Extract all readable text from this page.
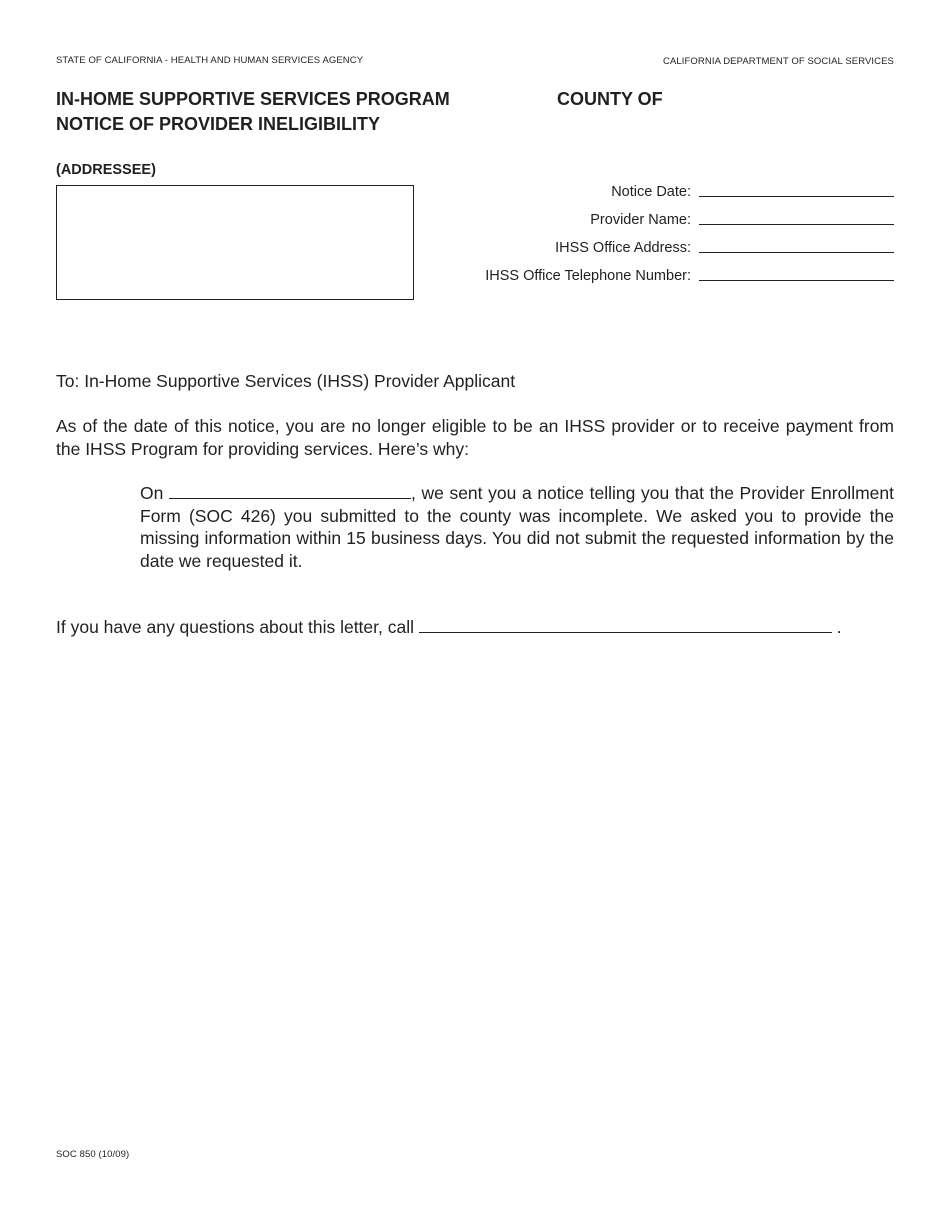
STATE OF CALIFORNIA - HEALTH AND HUMAN SERVICES AGENCY	CALIFORNIA DEPARTMENT OF SOCIAL SERVICES
IN-HOME SUPPORTIVE SERVICES PROGRAM
NOTICE OF PROVIDER INELIGIBILITY
COUNTY OF
(ADDRESSEE)
Notice Date:
Provider Name:
IHSS Office Address:
IHSS Office Telephone Number:
To: In-Home Supportive Services (IHSS) Provider Applicant
As of the date of this notice, you are no longer eligible to be an IHSS provider or to receive payment from the IHSS Program for providing services. Here’s why:
On	, we sent you a notice telling you that the Provider Enrollment Form (SOC 426) you submitted to the county was incomplete. We asked you to provide the missing information within 15 business days. You did not submit the requested information by the date we requested it.
If you have any questions about this letter, call	.
SOC 850 (10/09)
